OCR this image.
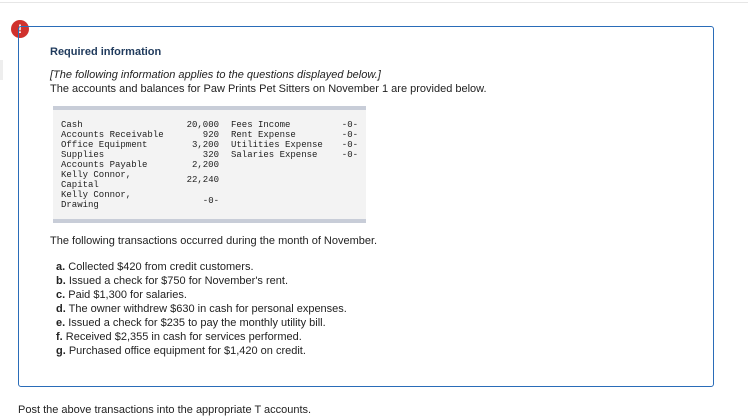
!
Required information
[The following information applies to the questions displayed below.]
The accounts and balances for Paw Prints Pet Sitters on November 1 are provided below.
Cash	20,000
Accounts Receivable	920
Office Equipment	3,200
Supplies	320
Accounts Payable	2,200
Kelly Connor,
Capital	22,240
Kelly Connor,
Drawing	-0-
Fees Income	-0-
Rent Expense	-0-
Utilities Expense -0-
Salaries Expense	-0-
The following transactions occurred during the month of November.
a. Collected $420 from credit customers.
b. Issued a check for $750 for November's rent.
c. Paid $1,300 for salaries.
d. The owner withdrew $630 in cash for personal expenses.
e. Issued a check for $235 to pay the monthly utility bill.
f. Received $2,355 in cash for services performed.
g. Purchased office equipment for $1,420 on credit.
Post the above transactions into the appropriate T accounts.
